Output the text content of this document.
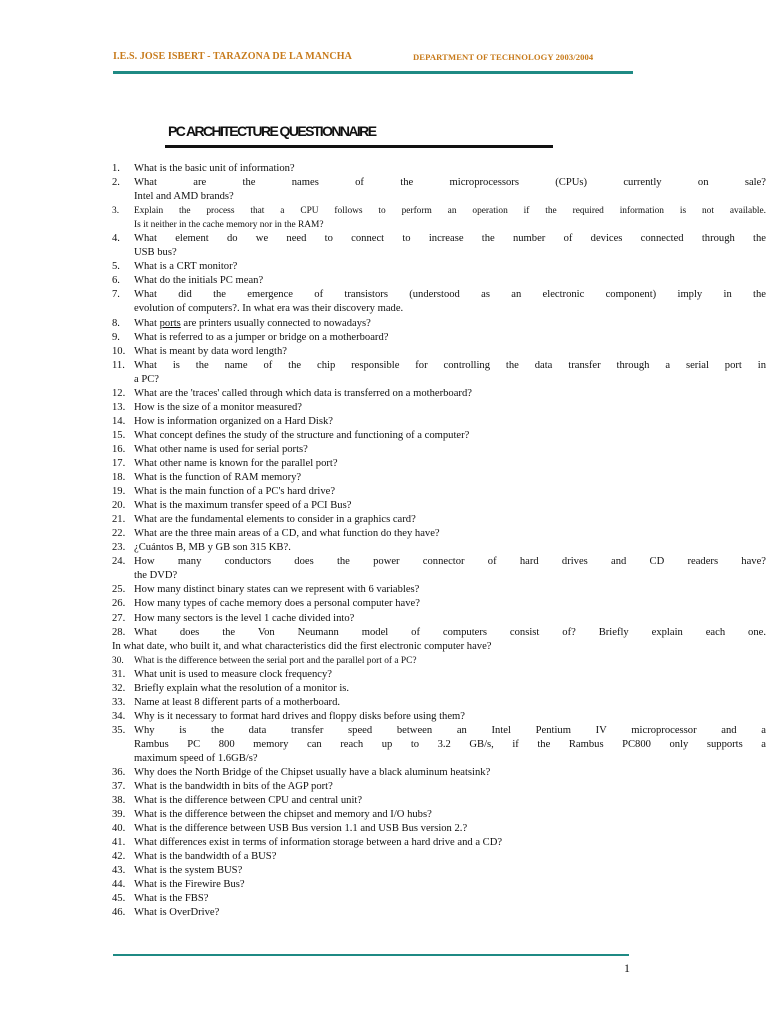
I.E.S. JOSE ISBERT - TARAZONA DE LA MANCHA	DEPARTMENT OF TECHNOLOGY 2003/2004
PC ARCHITECTURE QUESTIONNAIRE
1.	What is the basic unit of information?
2.	What are the names of the microprocessors (CPUs) currently on sale?
Intel and AMD brands?
3.	Explain the process that a CPU follows to perform an operation if the required information is not available.
Is it neither in the cache memory nor in the RAM?
4.	What element do we need to connect to increase the number of devices connected through the
USB bus?
5.	What is a CRT monitor?
6.	What do the initials PC mean?
7.	What did the emergence of transistors (understood as an electronic component) imply in the
evolution of computers?. In what era was their discovery made.
8.	What ports are printers usually connected to nowadays?
9.	What is referred to as a jumper or bridge on a motherboard?
10. What is meant by data word length?
11. What is the name of the chip responsible for controlling the data transfer through a serial port in
a PC?
12. What are the 'traces' called through which data is transferred on a motherboard?
13. How is the size of a monitor measured?
14. How is information organized on a Hard Disk?
15. What concept defines the study of the structure and functioning of a computer?
16. What other name is used for serial ports?
17. What other name is known for the parallel port?
18. What is the function of RAM memory?
19. What is the main function of a PC's hard drive?
20. What is the maximum transfer speed of a PCI Bus?
21. What are the fundamental elements to consider in a graphics card?
22. What are the three main areas of a CD, and what function do they have?
23. ¿Cuántos B, MB y GB son 315 KB?.
24. How many conductors does the power connector of hard drives and CD readers have?
the DVD?
25. How many distinct binary states can we represent with 6 variables?
26. How many types of cache memory does a personal computer have?
27. How many sectors is the level 1 cache divided into?
28. What does the Von Neumann model of computers consist of? Briefly explain each one.
In what date, who built it, and what characteristics did the first electronic computer have?
30.	What is the difference between the serial port and the parallel port of a PC?
31. What unit is used to measure clock frequency?
32. Briefly explain what the resolution of a monitor is.
33. Name at least 8 different parts of a motherboard.
34. Why is it necessary to format hard drives and floppy disks before using them?
35. Why is the data transfer speed between an Intel Pentium IV microprocessor and a
Rambus PC 800 memory can reach up to 3.2 GB/s, if the Rambus PC800 only supports a
maximum speed of 1.6GB/s?
36. Why does the North Bridge of the Chipset usually have a black aluminum heatsink?
37. What is the bandwidth in bits of the AGP port?
38. What is the difference between CPU and central unit?
39. What is the difference between the chipset and memory and I/O hubs?
40. What is the difference between USB Bus version 1.1 and USB Bus version 2.?
41. What differences exist in terms of information storage between a hard drive and a CD?
42. What is the bandwidth of a BUS?
43. What is the system BUS?
44. What is the Firewire Bus?
45. What is the FBS?
46. What is OverDrive?
1
